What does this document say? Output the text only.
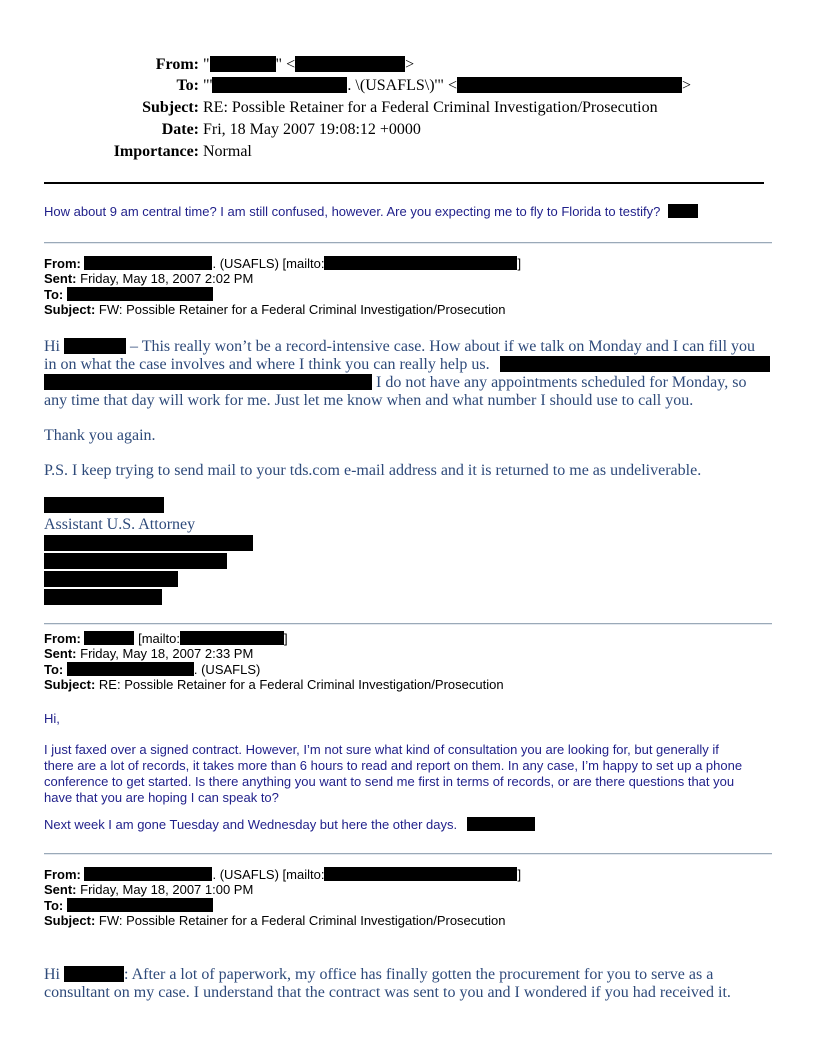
From: "	" <	>
To: "'	. \(USAFLS\)'" <	>
Subject: RE: Possible Retainer for a Federal Criminal Investigation/Prosecution
Date: Fri, 18 May 2007 19:08:12 +0000
Importance: Normal
How about 9 am central time? I am still confused, however. Are you expecting me to fly to Florida to testify?
From:	. (USAFLS) [mailto:	]
Sent: Friday, May 18, 2007 2:02 PM
To:
Subject: FW: Possible Retainer for a Federal Criminal Investigation/Prosecution
Hi	– This really won’t be a record-intensive case. How about if we talk on Monday and I can fill you
in on what the case involves and where I think you can really help us.
I do not have any appointments scheduled for Monday, so
any time that day will work for me. Just let me know when and what number I should use to call you.
Thank you again.
P.S. I keep trying to send mail to your tds.com e-mail address and it is returned to me as undeliverable.
Assistant U.S. Attorney
From:	[mailto:	]
Sent: Friday, May 18, 2007 2:33 PM
To:	. (USAFLS)
Subject: RE: Possible Retainer for a Federal Criminal Investigation/Prosecution
Hi,
I just faxed over a signed contract. However, I’m not sure what kind of consultation you are looking for, but generally if
there are a lot of records, it takes more than 6 hours to read and report on them. In any case, I’m happy to set up a phone
conference to get started. Is there anything you want to send me first in terms of records, or are there questions that you
have that you are hoping I can speak to?
Next week I am gone Tuesday and Wednesday but here the other days.
From:	. (USAFLS) [mailto:	]
Sent: Friday, May 18, 2007 1:00 PM
To:
Subject: FW: Possible Retainer for a Federal Criminal Investigation/Prosecution
Hi	: After a lot of paperwork, my office has finally gotten the procurement for you to serve as a
consultant on my case. I understand that the contract was sent to you and I wondered if you had received it.
